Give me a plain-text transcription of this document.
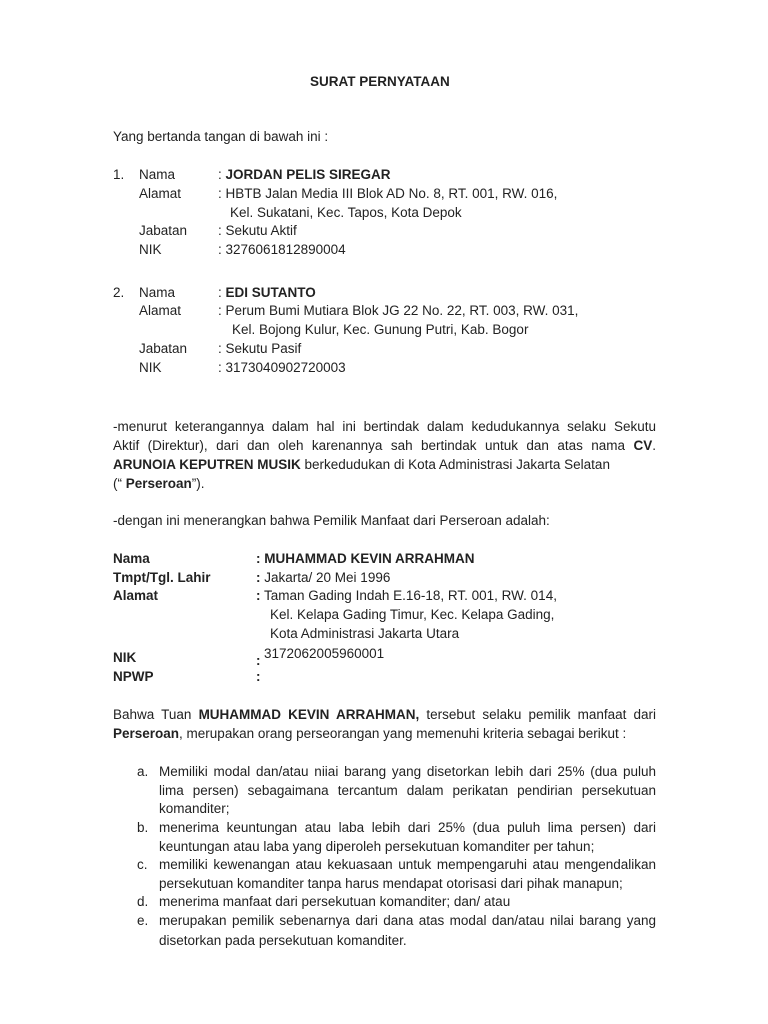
SURAT PERNYATAAN
Yang bertanda tangan di bawah ini :
1. Nama	: JORDAN PELIS SIREGAR
Alamat	: HBTB Jalan Media III Blok AD No. 8, RT. 001, RW. 016,
Kel. Sukatani, Kec. Tapos, Kota Depok
Jabatan : Sekutu Aktif
NIK	: 3276061812890004
2. Nama	: EDI SUTANTO
Alamat	: Perum Bumi Mutiara Blok JG 22 No. 22, RT. 003, RW. 031,
Kel. Bojong Kulur, Kec. Gunung Putri, Kab. Bogor
Jabatan : Sekutu Pasif
NIK	: 3173040902720003
-menurut keterangannya dalam hal ini bertindak dalam kedudukannya selaku Sekutu
Aktif (Direktur), dari dan oleh karenannya sah bertindak untuk dan atas nama CV.
ARUNOIA KEPUTREN MUSIK berkedudukan di Kota Administrasi Jakarta Selatan
(“ Perseroan”).
-dengan ini menerangkan bahwa Pemilik Manfaat dari Perseroan adalah:
Nama	: MUHAMMAD KEVIN ARRAHMAN
Tmpt/Tgl. Lahir	: Jakarta/ 20 Mei 1996
Alamat	: Taman Gading Indah E.16-18, RT. 001, RW. 014,
Kel. Kelapa Gading Timur, Kec. Kelapa Gading,
Kota Administrasi Jakarta Utara
NIK	: 3172062005960001
NPWP	:
Bahwa Tuan MUHAMMAD KEVIN ARRAHMAN, tersebut selaku pemilik manfaat dari
Perseroan, merupakan orang perseorangan yang memenuhi kriteria sebagai berikut :
a. Memiliki modal dan/atau niiai barang yang disetorkan lebih dari 25% (dua puluh
lima persen) sebagaimana tercantum dalam perikatan pendirian persekutuan
komanditer;
b. menerima keuntungan atau laba lebih dari 25% (dua puluh lima persen) dari
keuntungan atau laba yang diperoleh persekutuan komanditer per tahun;
c. memiliki kewenangan atau kekuasaan untuk mempengaruhi atau mengendalikan
persekutuan komanditer tanpa harus mendapat otorisasi dari pihak manapun;
d. menerima manfaat dari persekutuan komanditer; dan/ atau
e. merupakan pemilik sebenarnya dari dana atas modal dan/atau nilai barang yang
disetorkan pada persekutuan komanditer.
